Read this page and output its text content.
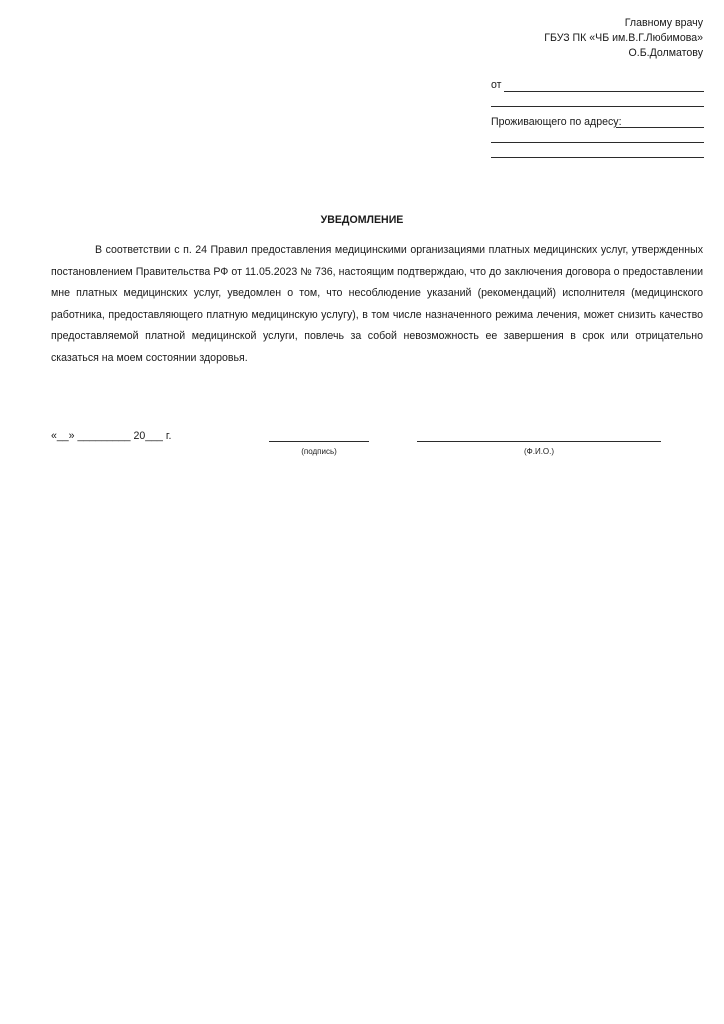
Главному врачу
ГБУЗ ПК «ЧБ им.В.Г.Любимова»
О.Б.Долматову
от
Проживающего по адресу:
УВЕДОМЛЕНИЕ
В соответствии с п. 24 Правил предоставления медицинскими организациями платных медицинских услуг, утвержденных постановлением Правительства РФ от 11.05.2023 № 736, настоящим подтверждаю, что до заключения договора о предоставлении мне платных медицинских услуг, уведомлен о том, что несоблюдение указаний (рекомендаций) исполнителя (медицинского работника, предоставляющего платную медицинскую услугу), в том числе назначенного режима лечения, может снизить качество предоставляемой платной медицинской услуги, повлечь за собой невозможность ее завершения в срок или отрицательно сказаться на моем состоянии здоровья.
«__» _________ 20___ г.
(подпись)	(Ф.И.О.)
